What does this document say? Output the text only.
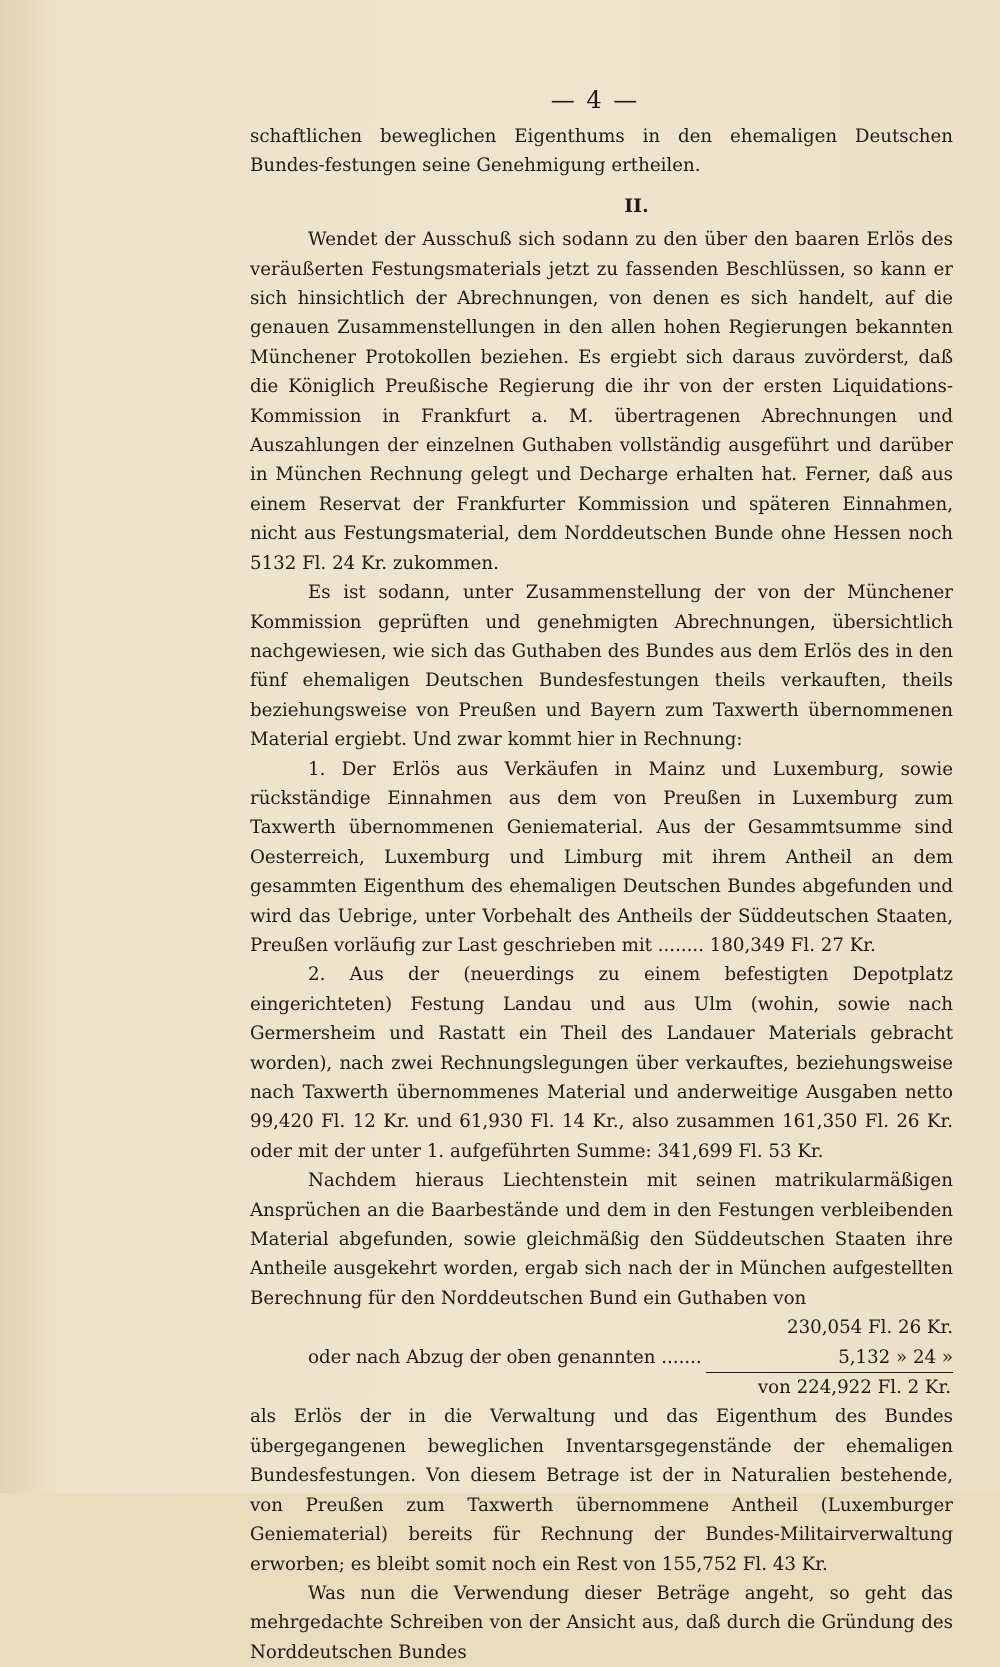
— 4 —

schaftlichen beweglichen Eigenthums in den ehemaligen Deutschen Bundes-festungen seine Genehmigung ertheilen.

II.

Wendet der Ausschuß sich sodann zu den über den baaren Erlös des veräußerten Festungsmaterials jetzt zu fassenden Beschlüssen, so kann er sich hinsichtlich der Abrechnungen, von denen es sich handelt, auf die genauen Zusammenstellungen in den allen hohen Regierungen bekannten Münchener Protokollen beziehen. Es ergiebt sich daraus zuvörderst, daß die Königlich Preußische Regierung die ihr von der ersten Liquidations-Kommission in Frankfurt a. M. übertragenen Abrechnungen und Auszahlungen der einzelnen Guthaben vollständig ausgeführt und darüber in München Rechnung gelegt und Decharge erhalten hat. Ferner, daß aus einem Reservat der Frankfurter Kommission und späteren Einnahmen, nicht aus Festungsmaterial, dem Norddeutschen Bunde ohne Hessen noch 5132 Fl. 24 Kr. zukommen.

Es ist sodann, unter Zusammenstellung der von der Münchener Kommission geprüften und genehmigten Abrechnungen, übersichtlich nachgewiesen, wie sich das Guthaben des Bundes aus dem Erlös des in den fünf ehemaligen Deutschen Bundesfestungen theils verkauften, theils beziehungsweise von Preußen und Bayern zum Taxwerth übernommenen Material ergiebt. Und zwar kommt hier in Rechnung:

1. Der Erlös aus Verkäufen in Mainz und Luxemburg, sowie rückständige Einnahmen aus dem von Preußen in Luxemburg zum Taxwerth übernommenen Geniematerial. Aus der Gesammtsumme sind Oesterreich, Luxemburg und Limburg mit ihrem Antheil an dem gesammten Eigenthum des ehemaligen Deutschen Bundes abgefunden und wird das Uebrige, unter Vorbehalt des Antheils der Süddeutschen Staaten, Preußen vorläufig zur Last geschrieben mit ........ 180,349 Fl. 27 Kr.

2. Aus der (neuerdings zu einem befestigten Depotplatz eingerichteten) Festung Landau und aus Ulm (wohin, sowie nach Germersheim und Rastatt ein Theil des Landauer Materials gebracht worden), nach zwei Rechnungslegungen über verkauftes, beziehungsweise nach Taxwerth übernommenes Material und anderweitige Ausgaben netto 99,420 Fl. 12 Kr. und 61,930 Fl. 14 Kr., also zusammen 161,350 Fl. 26 Kr. oder mit der unter 1. aufgeführten Summe: 341,699 Fl. 53 Kr.

Nachdem hieraus Liechtenstein mit seinen matrikularmäßigen Ansprüchen an die Baarbestände und dem in den Festungen verbleibenden Material abgefunden, sowie gleichmäßig den Süddeutschen Staaten ihre Antheile ausgekehrt worden, ergab sich nach der in München aufgestellten Berechnung für den Norddeutschen Bund ein Guthaben von

230,054 Fl. 26 Kr.
oder nach Abzug der oben genannten .......	5,132 » 24 »
von 224,922 Fl. 2 Kr.

als Erlös der in die Verwaltung und das Eigenthum des Bundes übergegangenen beweglichen Inventarsgegenstände der ehemaligen Bundesfestungen. Von diesem Betrage ist der in Naturalien bestehende, von Preußen zum Taxwerth übernommene Antheil (Luxemburger Geniematerial) bereits für Rechnung der Bundes-Militairverwaltung erworben; es bleibt somit noch ein Rest von 155,752 Fl. 43 Kr.

Was nun die Verwendung dieser Beträge angeht, so geht das mehrgedachte Schreiben von der Ansicht aus, daß durch die Gründung des Norddeutschen Bundes
